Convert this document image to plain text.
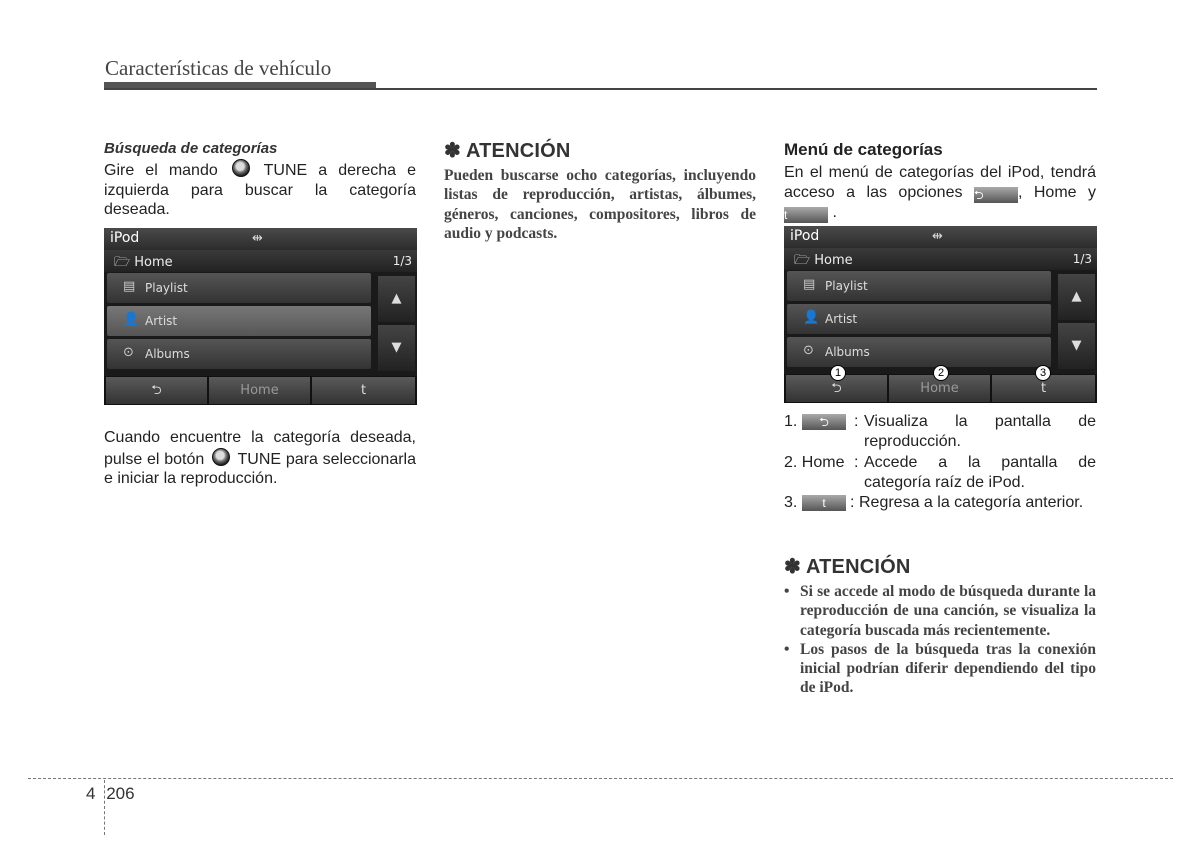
Características de vehículo
Búsqueda de categorías
Gire el mando	TUNE a derecha e izquierda para buscar la categoría deseada.
iPod	⇹
🗁 Home	1/3
▤ Playlist
👤 Artist
⊙ Albums
▲
▼
⮌	Home	t
Cuando encuentre la categoría deseada, pulse el botón TUNE para seleccionarla e iniciar la reproducción.
✽ ATENCIÓN
Pueden buscarse ocho categorías, incluyendo listas de reproducción, artistas, álbumes, géneros, canciones, compositores, libros de audio y podcasts.
Menú de categorías
En el menú de categorías del iPod, tendrá acceso a las opciones ⮌ , Home y t	.
iPod	⇹
🗁 Home	1/3
▤ Playlist
👤 Artist
⊙ Albums
▲
▼
⮌	Home	t
1	2	3
1.	⮌	: Visualiza la pantalla de reproducción.
2. Home : Accede a la pantalla de categoría raíz de iPod.
3.	t	: Regresa a la categoría anterior.
✽ ATENCIÓN
• Si se accede al modo de búsqueda durante la reproducción de una canción, se visualiza la categoría buscada más recientemente.
• Los pasos de la búsqueda tras la conexión inicial podrían diferir dependiendo del tipo de iPod.
4 206
